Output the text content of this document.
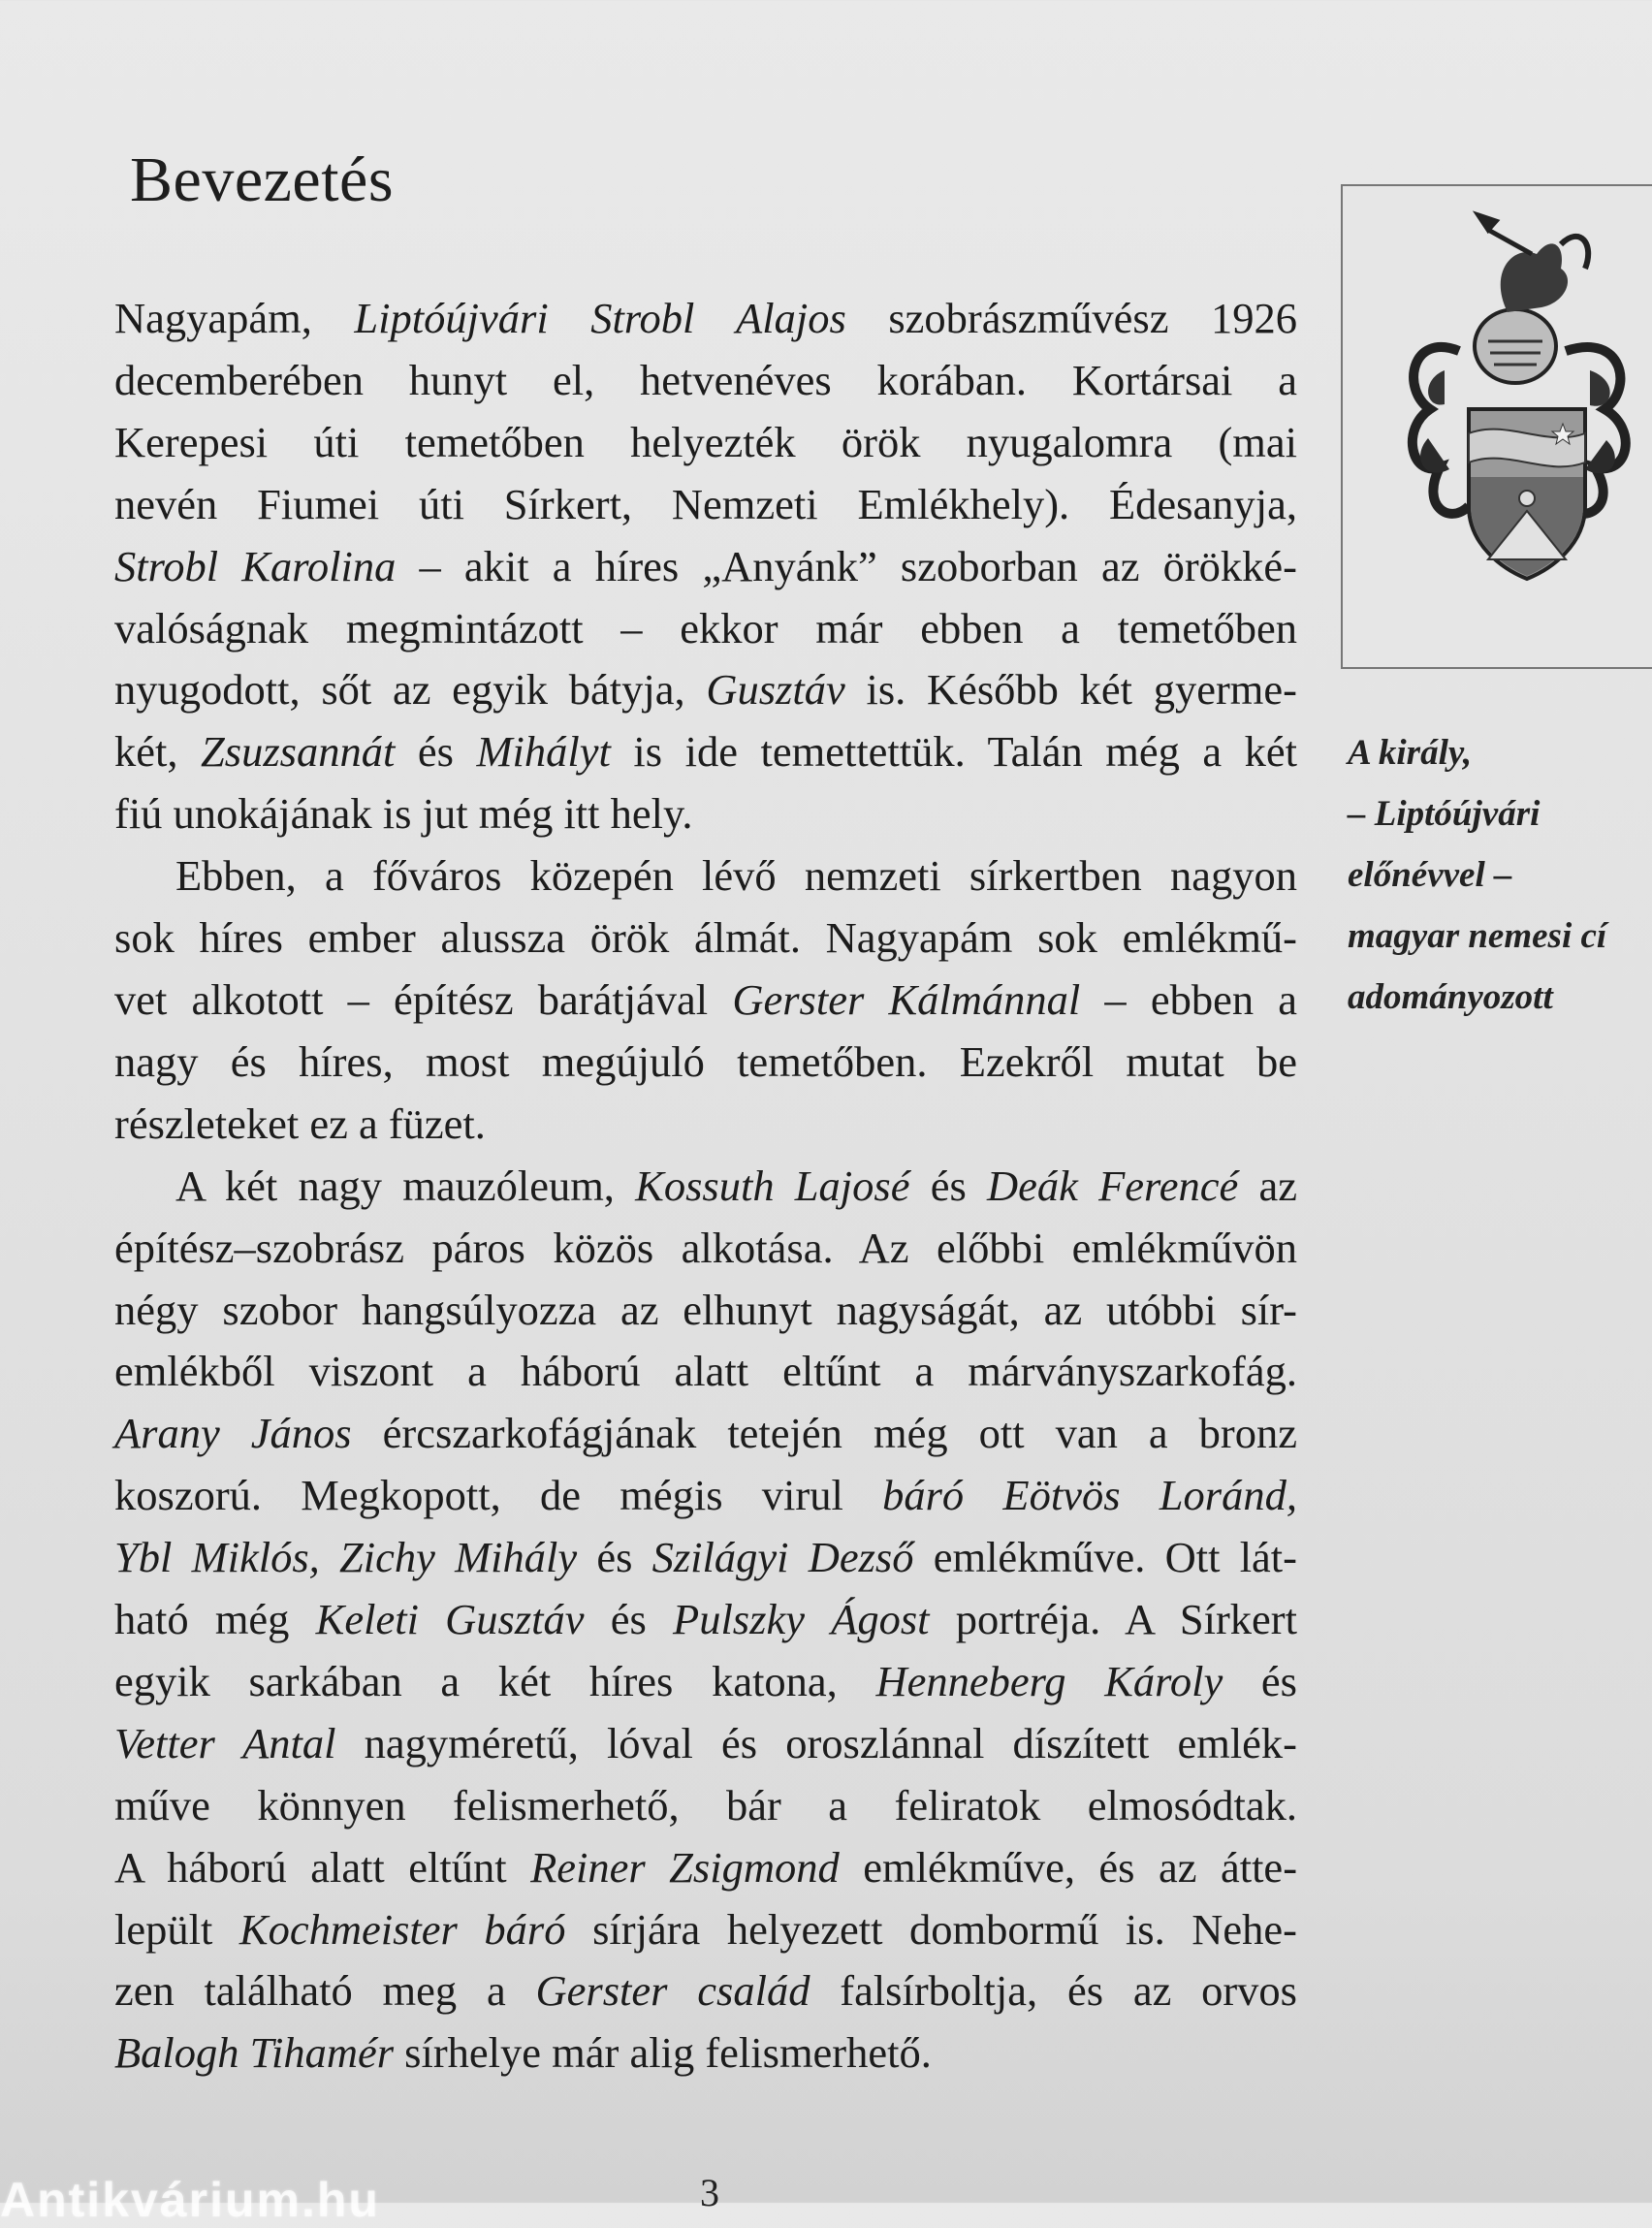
Bevezetés

Nagyapám, Liptóújvári Strobl Alajos szobrászművész 1926
decemberében hunyt el, hetvenéves korában. Kortársai a
Kerepesi úti temetőben helyezték örök nyugalomra (mai
nevén Fiumei úti Sírkert, Nemzeti Emlékhely). Édesanyja,
Strobl Karolina – akit a híres „Anyánk” szoborban az örökké-
valóságnak megmintázott – ekkor már ebben a temetőben
nyugodott, sőt az egyik bátyja, Gusztáv is. Később két gyerme-
két, Zsuzsannát és Mihályt is ide temettettük. Talán még a két
fiú unokájának is jut még itt hely.

Ebben, a főváros közepén lévő nemzeti sírkertben nagyon
sok híres ember alussza örök álmát. Nagyapám sok emlékmű-
vet alkotott – építész barátjával Gerster Kálmánnal – ebben a
nagy és híres, most megújuló temetőben. Ezekről mutat be
részleteket ez a füzet.

A két nagy mauzóleum, Kossuth Lajosé és Deák Ferencé az
építész–szobrász páros közös alkotása. Az előbbi emlékművön
négy szobor hangsúlyozza az elhunyt nagyságát, az utóbbi sír-
emlékből viszont a háború alatt eltűnt a márványszarkofág.
Arany János ércszarkofágjának tetején még ott van a bronz
koszorú. Megkopott, de mégis virul báró Eötvös Loránd,
Ybl Miklós, Zichy Mihály és Szilágyi Dezső emlékműve. Ott lát-
ható még Keleti Gusztáv és Pulszky Ágost portréja. A Sírkert
egyik sarkában a két híres katona, Henneberg Károly és
Vetter Antal nagyméretű, lóval és oroszlánnal díszített emlék-
műve könnyen felismerhető, bár a feliratok elmosódtak.
A háború alatt eltűnt Reiner Zsigmond emlékműve, és az átte-
lepült Kochmeister báró sírjára helyezett dombormű is. Nehe-
zen található meg a Gerster család falsírboltja, és az orvos
Balogh Tihamér sírhelye már alig felismerhető.

A király,
– Liptóújvári
előnévvel –
magyar nemesi cí
adományozott
3
Antikvárium.hu
